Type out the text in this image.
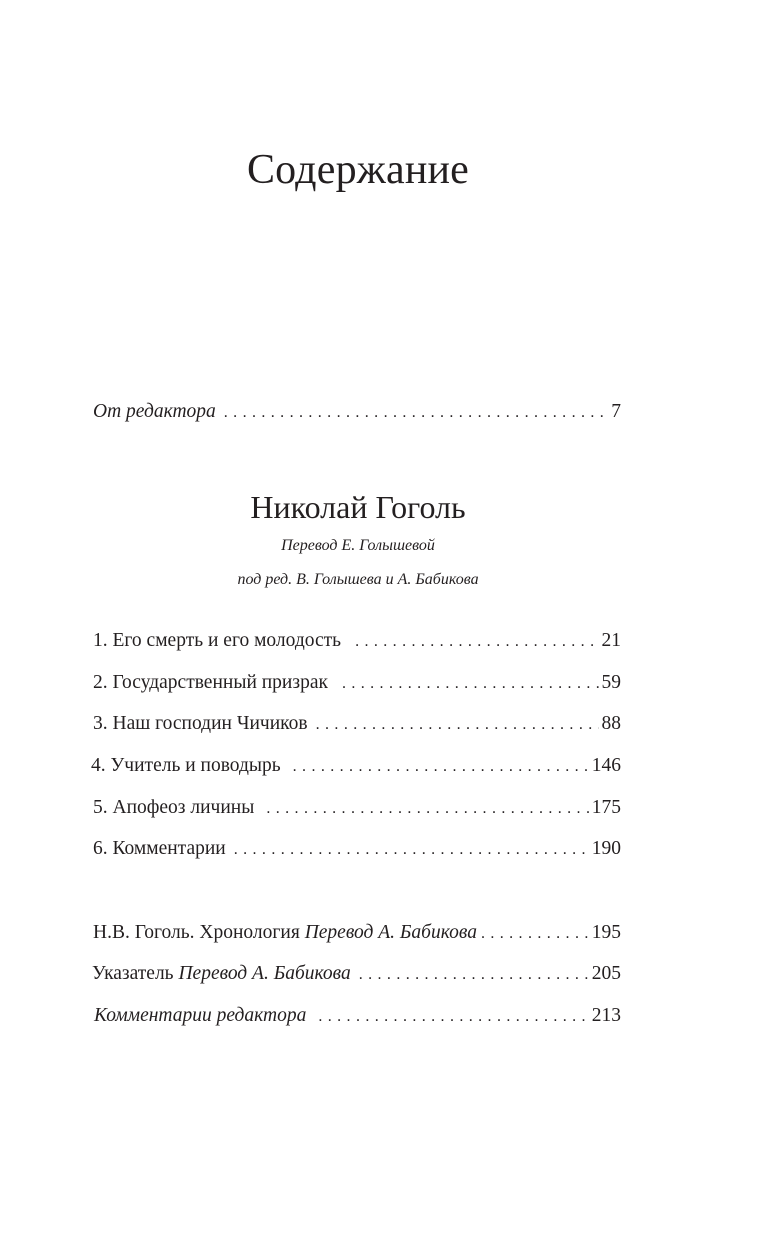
Содержание
От редактора . . .	7
Николай Гоголь

Перевод Е. Голышевой

под ред. В. Голышева и А. Бабикова

1. Его смерть и его молодость . . .	21
2. Государственный призрак . . .	59
3. Наш господин Чичиков . . .	88
4. Учитель и поводырь . . .	146
5. Апофеоз личины . . .	175
6. Комментарии . . .	190
Н.В. Гоголь. Хронология Перевод А. Бабикова . . .	195
Указатель Перевод А. Бабикова . . .	205
Комментарии редактора . . .	213
